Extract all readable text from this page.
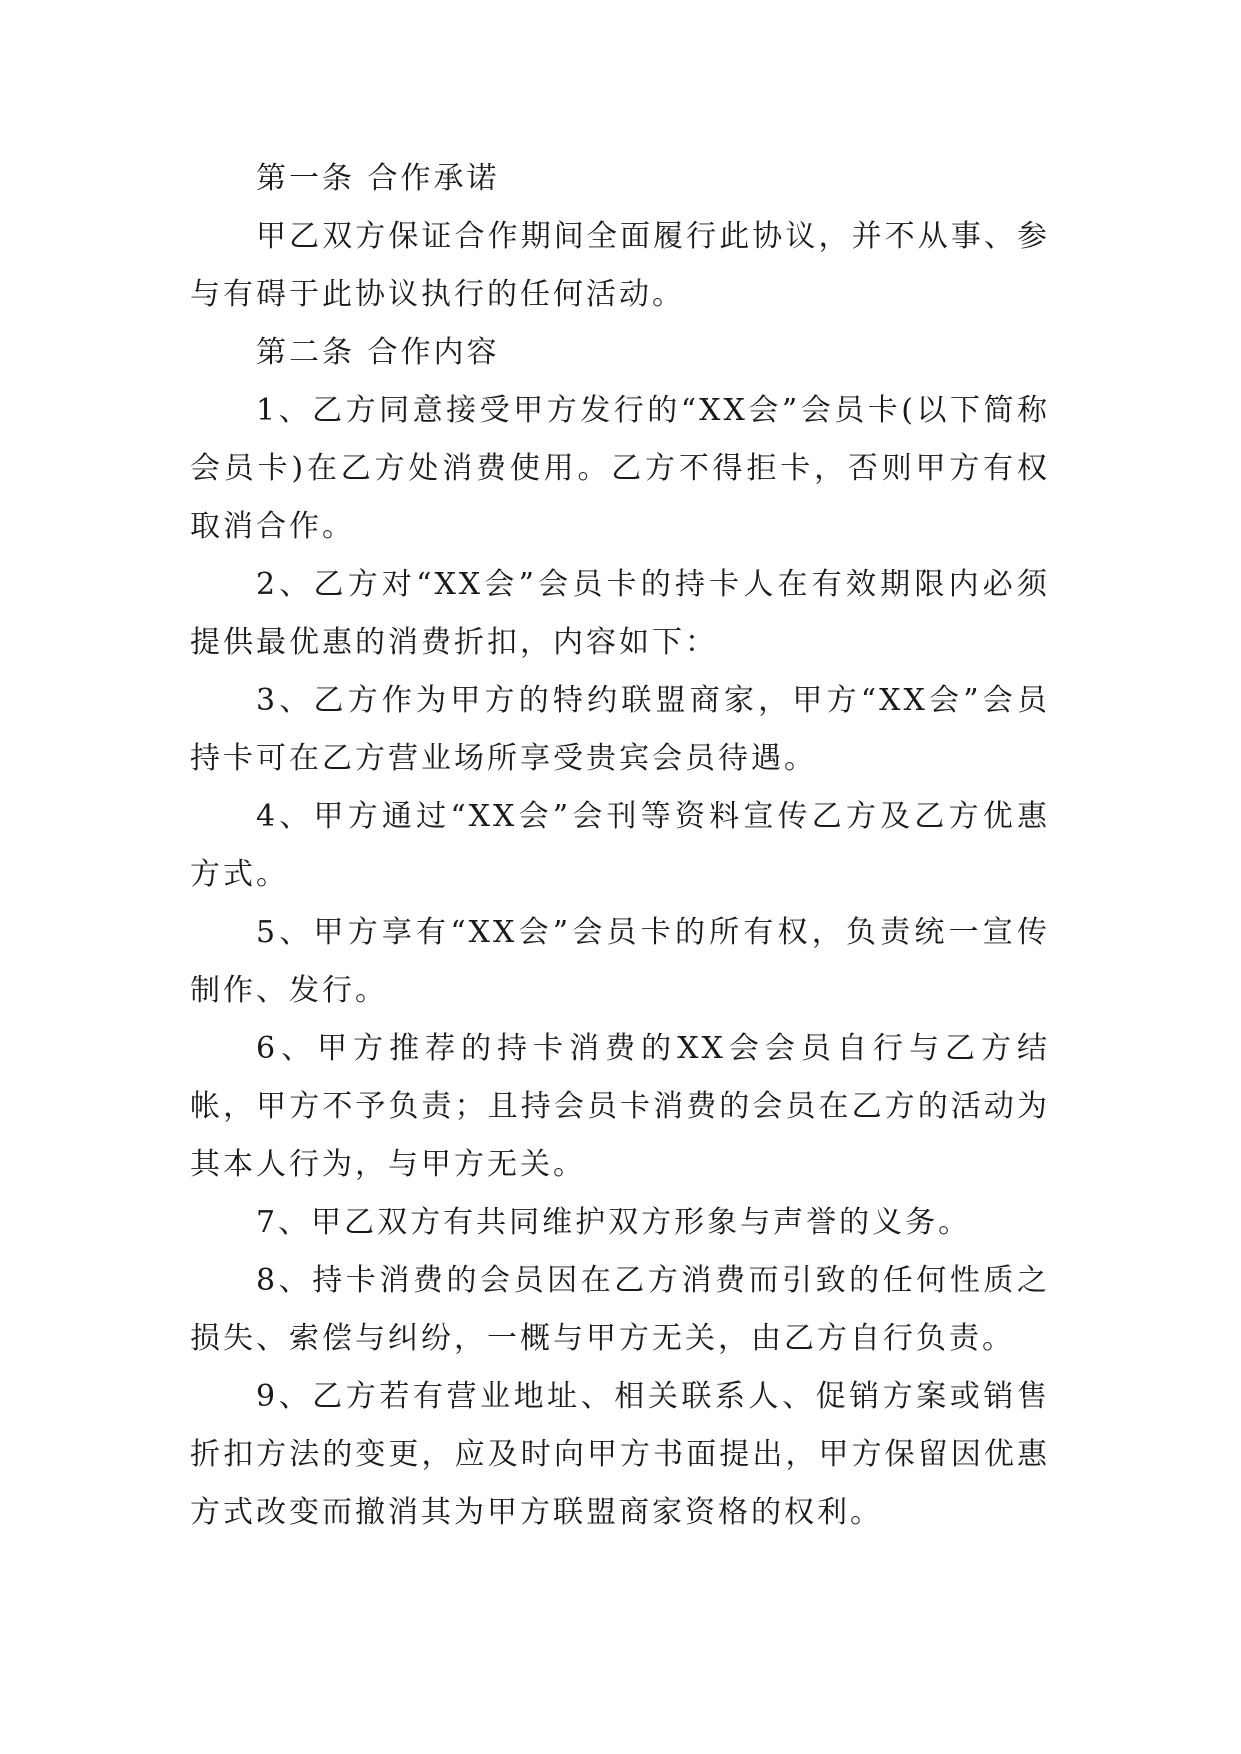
第一条 合作承诺

甲乙双方保证合作期间全面履行此协议，并不从事、参与有碍于此协议执行的任何活动。

第二条 合作内容

1、乙方同意接受甲方发行的“XX会”会员卡(以下简称会员卡)在乙方处消费使用。乙方不得拒卡，否则甲方有权取消合作。

2、乙方对“XX会”会员卡的持卡人在有效期限内必须提供最优惠的消费折扣，内容如下：

3、乙方作为甲方的特约联盟商家，甲方“XX会”会员持卡可在乙方营业场所享受贵宾会员待遇。

4、甲方通过“XX会”会刊等资料宣传乙方及乙方优惠方式。

5、甲方享有“XX会”会员卡的所有权，负责统一宣传制作、发行。

6、甲方推荐的持卡消费的XX会会员自行与乙方结帐，甲方不予负责；且持会员卡消费的会员在乙方的活动为其本人行为，与甲方无关。

7、甲乙双方有共同维护双方形象与声誉的义务。

8、持卡消费的会员因在乙方消费而引致的任何性质之损失、索偿与纠纷，一概与甲方无关，由乙方自行负责。

9、乙方若有营业地址、相关联系人、促销方案或销售折扣方法的变更，应及时向甲方书面提出，甲方保留因优惠方式改变而撤消其为甲方联盟商家资格的权利。
